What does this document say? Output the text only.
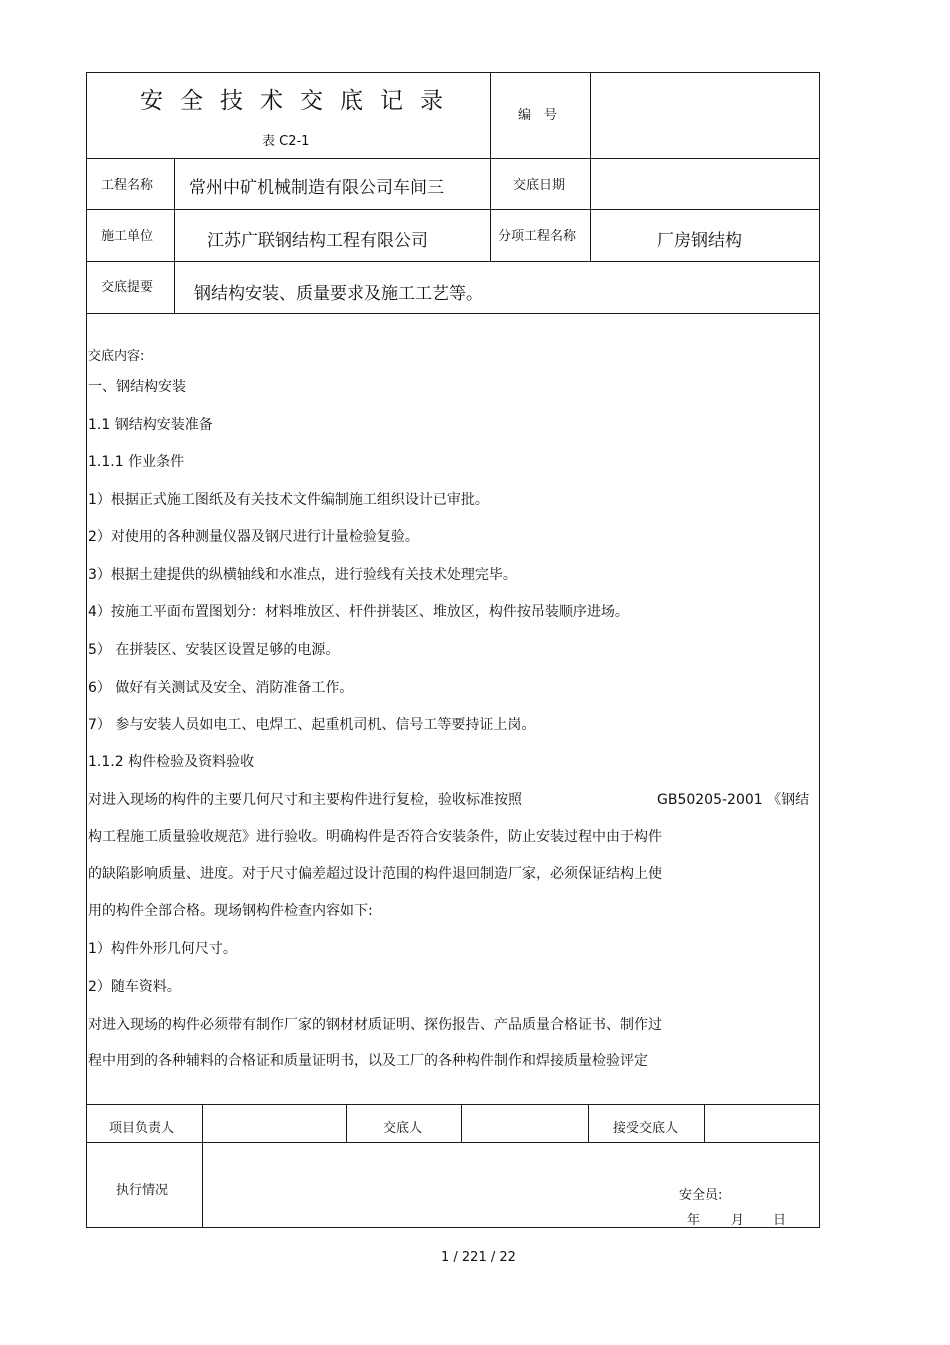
安全技术交底记录
表 C2-1
编　号
工程名称 常州中矿机械制造有限公司车间三	交底日期
施工单位	江苏广联钢结构工程有限公司	分项工程名称	厂房钢结构
交底提要 钢结构安装、质量要求及施工工艺等。
交底内容:
一、钢结构安装
1.1 钢结构安装准备
1.1.1 作业条件
1）根据正式施工图纸及有关技术文件编制施工组织设计已审批。
2）对使用的各种测量仪器及钢尺进行计量检验复验。
3）根据土建提供的纵横轴线和水准点，进行验线有关技术处理完毕。
4）按施工平面布置图划分：材料堆放区、杆件拼装区、堆放区，构件按吊装顺序进场。
5） 在拼装区、安装区设置足够的电源。
6） 做好有关测试及安全、消防准备工作。
7） 参与安装人员如电工、电焊工、起重机司机、信号工等要持证上岗。
1.1.2 构件检验及资料验收
对进入现场的构件的主要几何尺寸和主要构件进行复检，验收标准按照	GB50205-2001 《钢结
构工程施工质量验收规范》进行验收。明确构件是否符合安装条件，防止安装过程中由于构件
的缺陷影响质量、进度。对于尺寸偏差超过设计范围的构件退回制造厂家，必须保证结构上使
用的构件全部合格。现场钢构件检查内容如下:
1）构件外形几何尺寸。
2）随车资料。
对进入现场的构件必须带有制作厂家的钢材材质证明、探伤报告、产品质量合格证书、制作过
程中用到的各种辅料的合格证和质量证明书，以及工厂的各种构件制作和焊接质量检验评定
项目负责人	交底人	接受交底人
执行情况	安全员:
年 月 日
1 / 221 / 22
